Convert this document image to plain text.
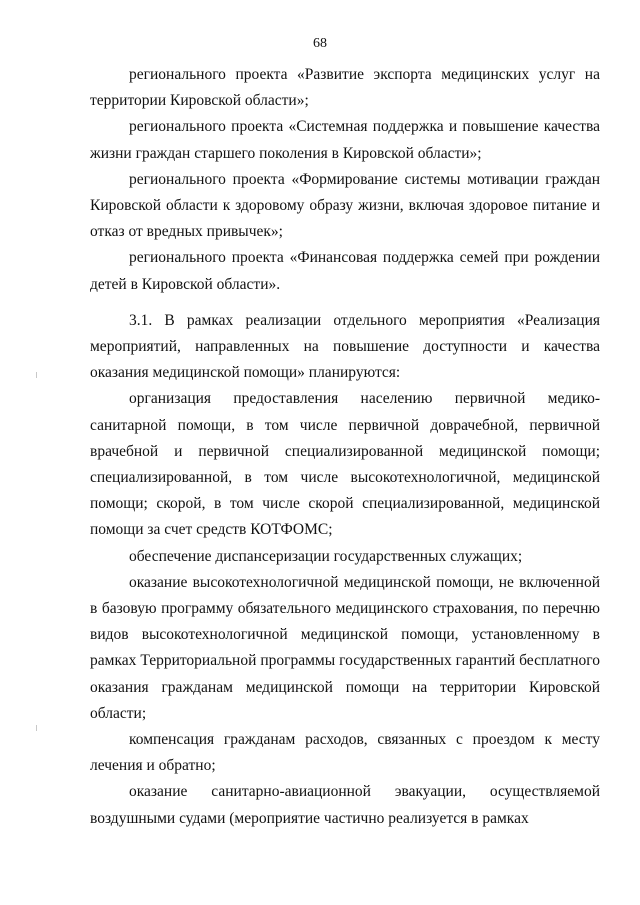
68

регионального проекта «Развитие экспорта медицинских услуг на территории Кировской области»;

регионального проекта «Системная поддержка и повышение качества жизни граждан старшего поколения в Кировской области»;

регионального проекта «Формирование системы мотивации граждан Кировской области к здоровому образу жизни, включая здоровое питание и отказ от вредных привычек»;

регионального проекта «Финансовая поддержка семей при рождении детей в Кировской области».

3.1. В рамках реализации отдельного мероприятия «Реализация мероприятий, направленных на повышение доступности и качества оказания медицинской помощи» планируются:

организация предоставления населению первичной медико-санитарной помощи, в том числе первичной доврачебной, первичной врачебной и первичной специализированной медицинской помощи; специализированной, в том числе высокотехнологичной, медицинской помощи; скорой, в том числе скорой специализированной, медицинской помощи за счет средств КОТФОМС;

обеспечение диспансеризации государственных служащих;

оказание высокотехнологичной медицинской помощи, не включенной в базовую программу обязательного медицинского страхования, по перечню видов высокотехнологичной медицинской помощи, установленному в рамках Территориальной программы государственных гарантий бесплатного оказания гражданам медицинской помощи на территории Кировской области;

компенсация гражданам расходов, связанных с проездом к месту лечения и обратно;

оказание санитарно-авиационной эвакуации, осуществляемой воздушными судами (мероприятие частично реализуется в рамках
